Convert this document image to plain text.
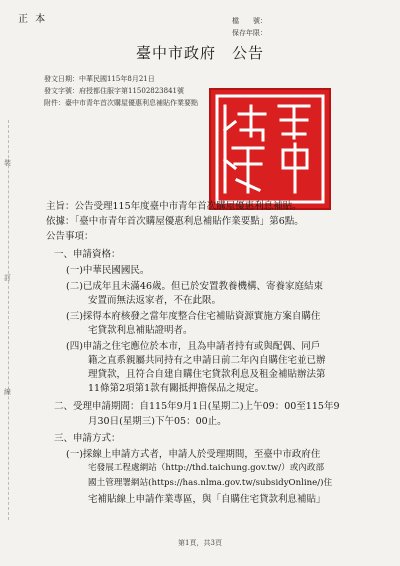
正 本	檔　　號：
保存年限：
臺中市政府　公告
發文日期：中華民國115年8月21日
發文字號：府授都住服字第11502823841號
附件：臺中市青年首次購屋優惠利息補貼作業要點
裝
訂
線
主旨：公告受理115年度臺中市青年首次購屋優惠利息補貼。
依據：「臺中市青年首次購屋優惠利息補貼作業要點」第6點。
公告事項：
一、申請資格：
(一)中華民國國民。
(二)已成年且未滿46歲。但已於安置教養機構、寄養家庭結束
安置而無法返家者，不在此限。
(三)採得本府核發之當年度整合住宅補貼資源實施方案自購住
宅貸款利息補貼證明者。
(四)申請之住宅應位於本市，且為申請者持有或與配偶、同戶
籍之直系親屬共同持有之申請日前二年內自購住宅並已辦
理貸款，且符合自建自購住宅貸款利息及租金補貼辦法第
11條第2項第1款有關抵押擔保品之規定。
二、受理申請期間：自115年9月1日(星期二)上午09：00至115年9
月30日(星期三)下午05：00止。
三、申請方式：
(一)採線上申請方式者，申請人於受理期間，至臺中市政府住
宅發展工程處網站（http://thd.taichung.gov.tw/）或內政部
國土管理署網站(https://has.nlma.gov.tw/subsidyOnline/)住
宅補貼線上申請作業專區，與「自購住宅貸款利息補貼」
第1頁，共3頁
